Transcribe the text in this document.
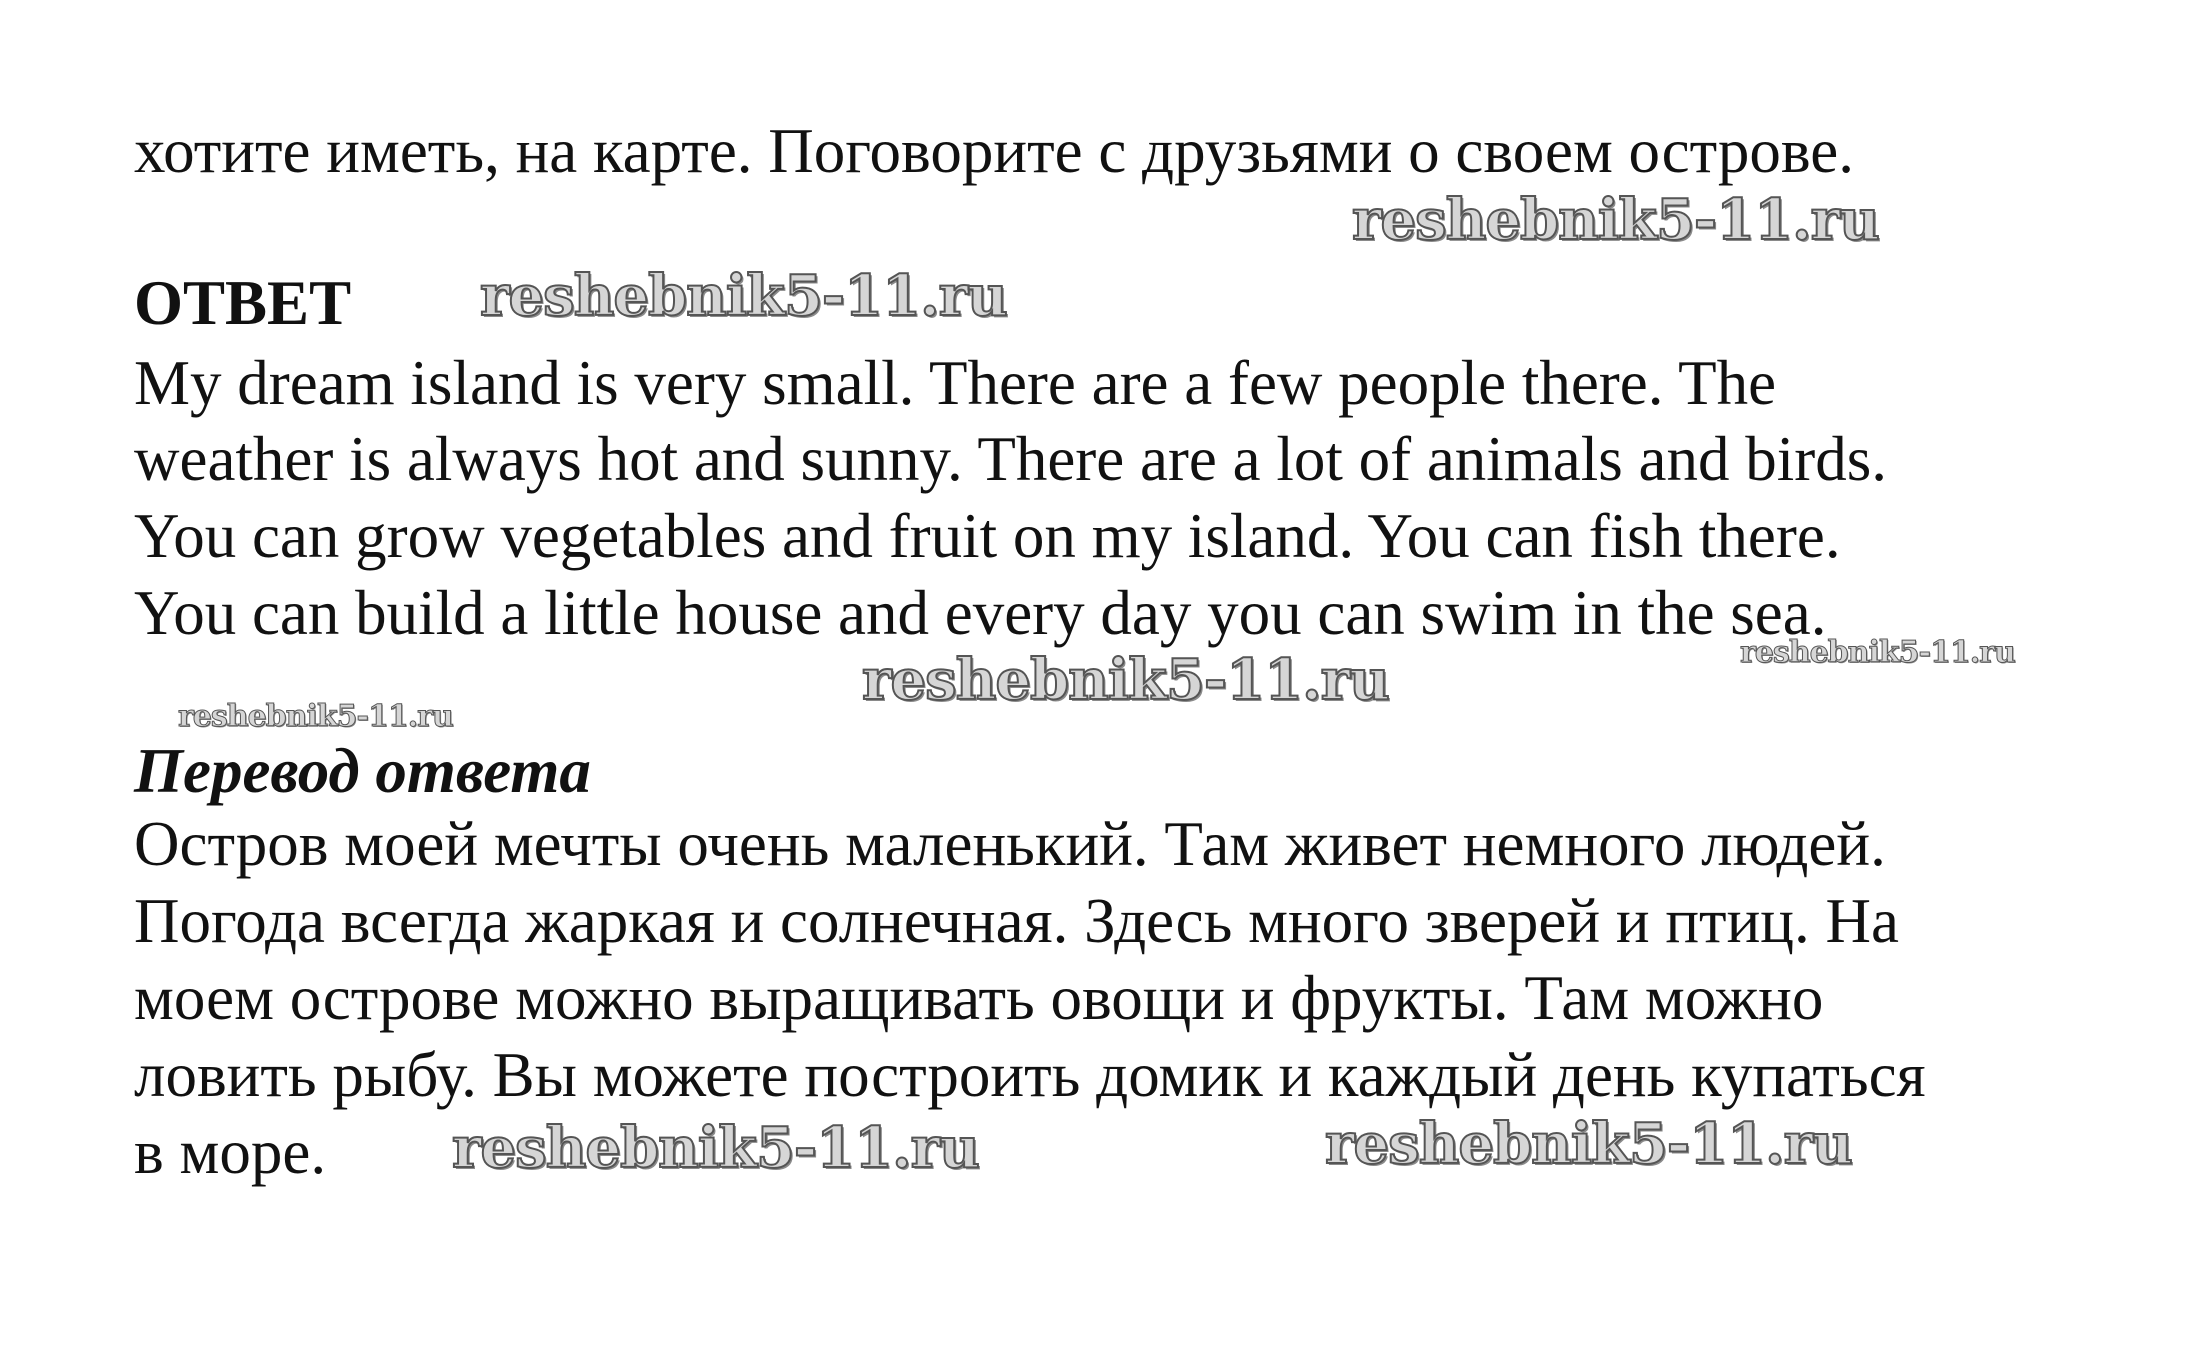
хотите иметь, на карте. Поговорите с друзьями о своем острове.
reshebnik5-11.ru
ОТВЕТ reshebnik5-11.ru
My dream island is very small. There are a few people there. The
weather is always hot and sunny. There are a lot of animals and birds.
You can grow vegetables and fruit on my island. You can fish there.
You can build a little house and every day you can swim in the sea.
reshebnik5-11.ru
reshebnik5-11.ru
reshebnik5-11.ru
Перевод ответа
Остров моей мечты очень маленький. Там живет немного людей.
Погода всегда жаркая и солнечная. Здесь много зверей и птиц. На
моем острове можно выращивать овощи и фрукты. Там можно
ловить рыбу. Вы можете построить домик и каждый день купаться
в море. reshebnik5-11.ru	reshebnik5-11.ru
